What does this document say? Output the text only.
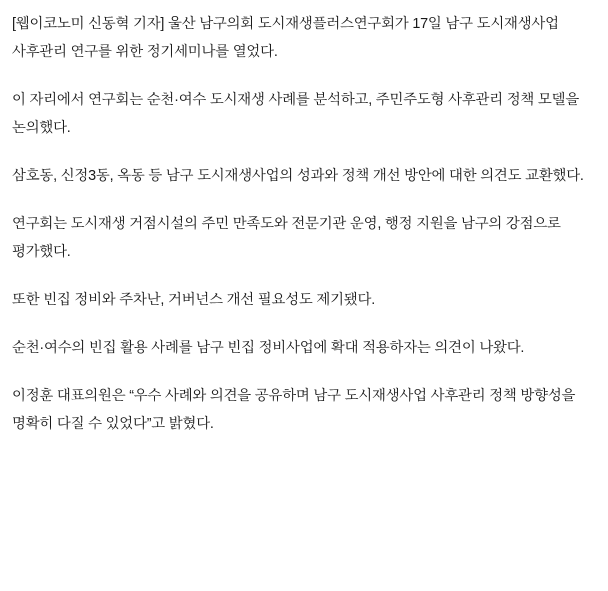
[웹이코노미 신동혁 기자] 울산 남구의회 도시재생플러스연구회가 17일 남구 도시재생사업 사후관리 연구를 위한 정기세미나를 열었다.

이 자리에서 연구회는 순천·여수 도시재생 사례를 분석하고, 주민주도형 사후관리 정책 모델을 논의했다.

삼호동, 신정3동, 옥동 등 남구 도시재생사업의 성과와 정책 개선 방안에 대한 의견도 교환했다.

연구회는 도시재생 거점시설의 주민 만족도와 전문기관 운영, 행정 지원을 남구의 강점으로 평가했다.

또한 빈집 정비와 주차난, 거버넌스 개선 필요성도 제기됐다.

순천·여수의 빈집 활용 사례를 남구 빈집 정비사업에 확대 적용하자는 의견이 나왔다.

이정훈 대표의원은 “우수 사례와 의견을 공유하며 남구 도시재생사업 사후관리 정책 방향성을 명확히 다질 수 있었다”고 밝혔다.
